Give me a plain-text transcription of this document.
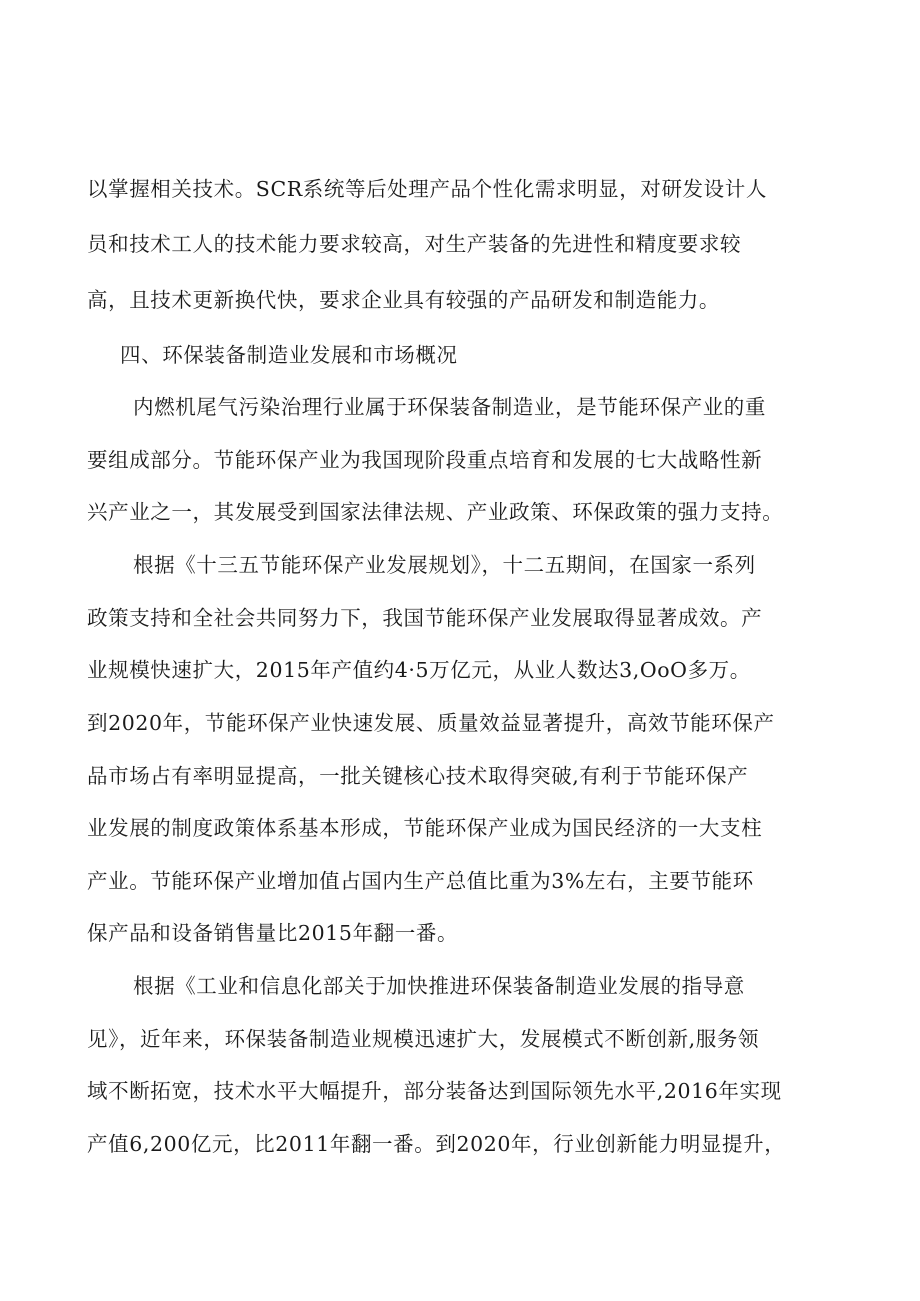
以掌握相关技术。SCR系统等后处理产品个性化需求明显，对研发设计人
员和技术工人的技术能力要求较高，对生产装备的先进性和精度要求较
高，且技术更新换代快，要求企业具有较强的产品研发和制造能力。
四、环保装备制造业发展和市场概况
内燃机尾气污染治理行业属于环保装备制造业，是节能环保产业的重
要组成部分。节能环保产业为我国现阶段重点培育和发展的七大战略性新
兴产业之一，其发展受到国家法律法规、产业政策、环保政策的强力支持。
根据《十三五节能环保产业发展规划》，十二五期间，在国家一系列
政策支持和全社会共同努力下，我国节能环保产业发展取得显著成效。产
业规模快速扩大，2015年产值约4·5万亿元，从业人数达3,OoO多万。
到2020年，节能环保产业快速发展、质量效益显著提升，高效节能环保产
品市场占有率明显提高，一批关键核心技术取得突破,有利于节能环保产
业发展的制度政策体系基本形成，节能环保产业成为国民经济的一大支柱
产业。节能环保产业增加值占国内生产总值比重为3%左右，主要节能环
保产品和设备销售量比2015年翻一番。
根据《工业和信息化部关于加快推进环保装备制造业发展的指导意
见》，近年来，环保装备制造业规模迅速扩大，发展模式不断创新,服务领
域不断拓宽，技术水平大幅提升，部分装备达到国际领先水平,2016年实现
产值6,200亿元，比2011年翻一番。到2020年，行业创新能力明显提升，
